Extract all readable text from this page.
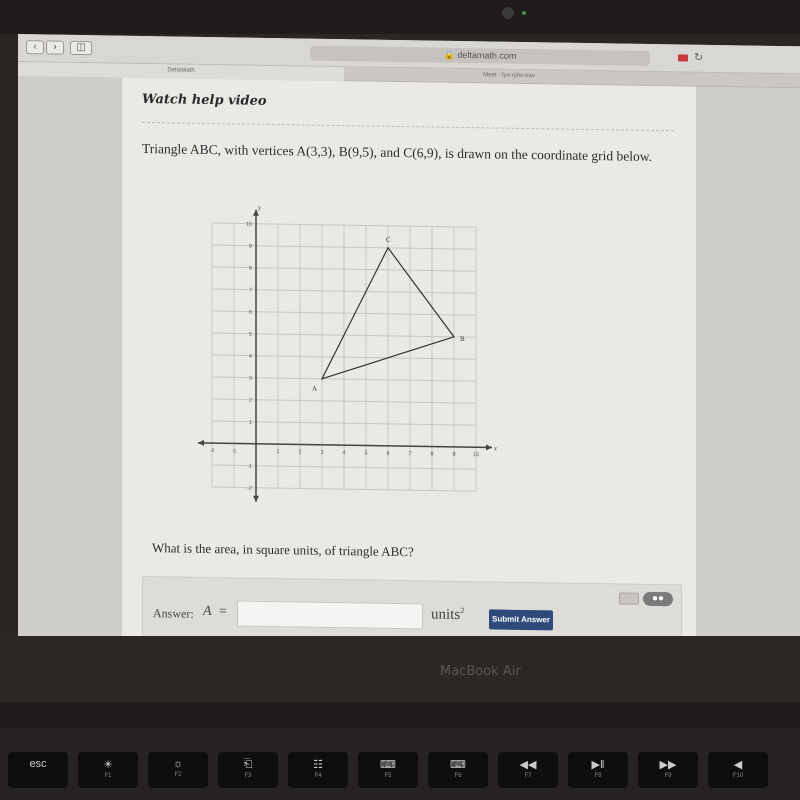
‹	›	◫
🔒 deltamath.com	↻
DeltaMath
Meet - fya-ryhx-nav
Watch help video
Triangle ABC, with vertices A(3,3), B(9,5), and C(6,9), is drawn on the coordinate grid below.
x
y
-2	-1	1	2	3	4	5	6	7	8	9	10
10
9
8
7
6
5
4
3
2
1
-1
-2
A
B
C
What is the area, in square units, of triangle ABC?
●●
Answer: A =	units$^2$
Submit Answer
MacBook Air
esc	☀
F1
☼
F2
⎗
F3
☷
F4
⌨
F5
⌨
F6
◀◀
F7
▶‖
F8
▶▶
F9
◀
F10
